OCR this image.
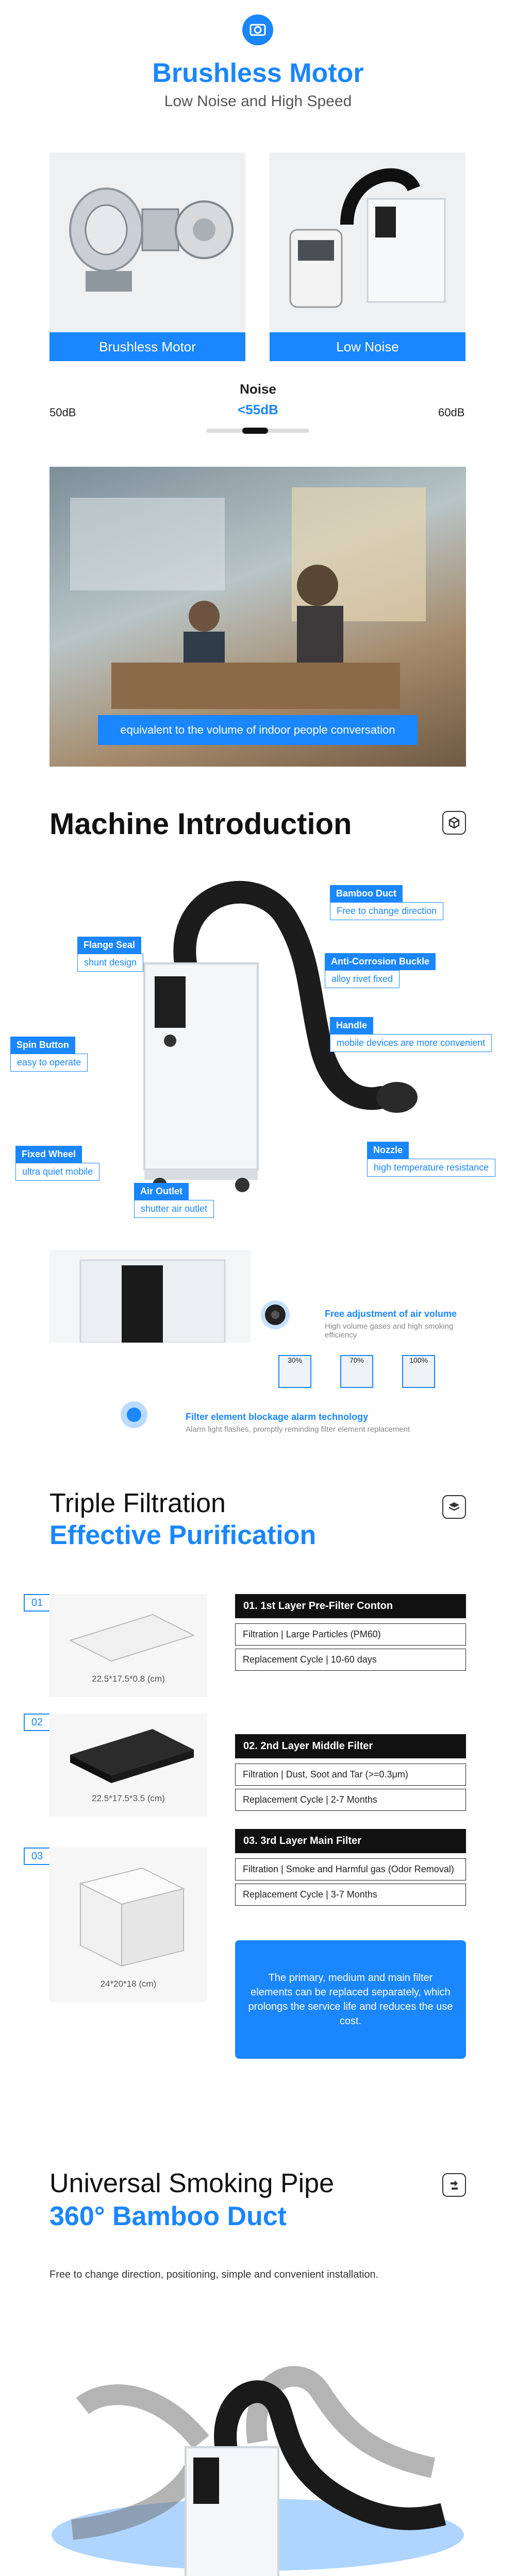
Brushless Motor
Low Noise and High Speed
Brushless Motor	Low Noise
Noise
<55dB
50dB	60dB
equivalent to the volume of indoor people conversation
Machine Introduction
Bamboo Duct
Free to change direction
Flange Seal
shunt design	Anti-Corrosion Buckle
alloy rivet fixed
Handle
mobile devices are more convenient
Spin Button
easy to operate
Nozzle
high temperature resistance
Fixed Wheel
ultra quiet mobile
Air Outlet
shutter air outlet
Free adjustment of air volume
High volume gases and high smoking efficiency
30%	70%	100%
Filter element blockage alarm technology
Alarm light flashes, promptly reminding filter element replacement
Triple Filtration
Effective Purification
01
22.5*17.5*0.8 (cm)
01. 1st Layer Pre-Filter Conton
Filtration | Large Particles (PM60)
Replacement Cycle | 10-60 days
02
22.5*17.5*3.5 (cm)
02. 2nd Layer Middle Filter
Filtration | Dust, Soot and Tar (>=0.3μm)
Replacement Cycle | 2-7 Months
03
24*20*18 (cm)
03. 3rd Layer Main Filter
Filtration | Smoke and Harmful gas (Odor Removal)
Replacement Cycle | 3-7 Months
The primary, medium and main filter elements can be replaced separately, which prolongs the service life and reduces the use cost.
Universal Smoking Pipe
360° Bamboo Duct
Free to change direction, positioning, simple and convenient installation.
